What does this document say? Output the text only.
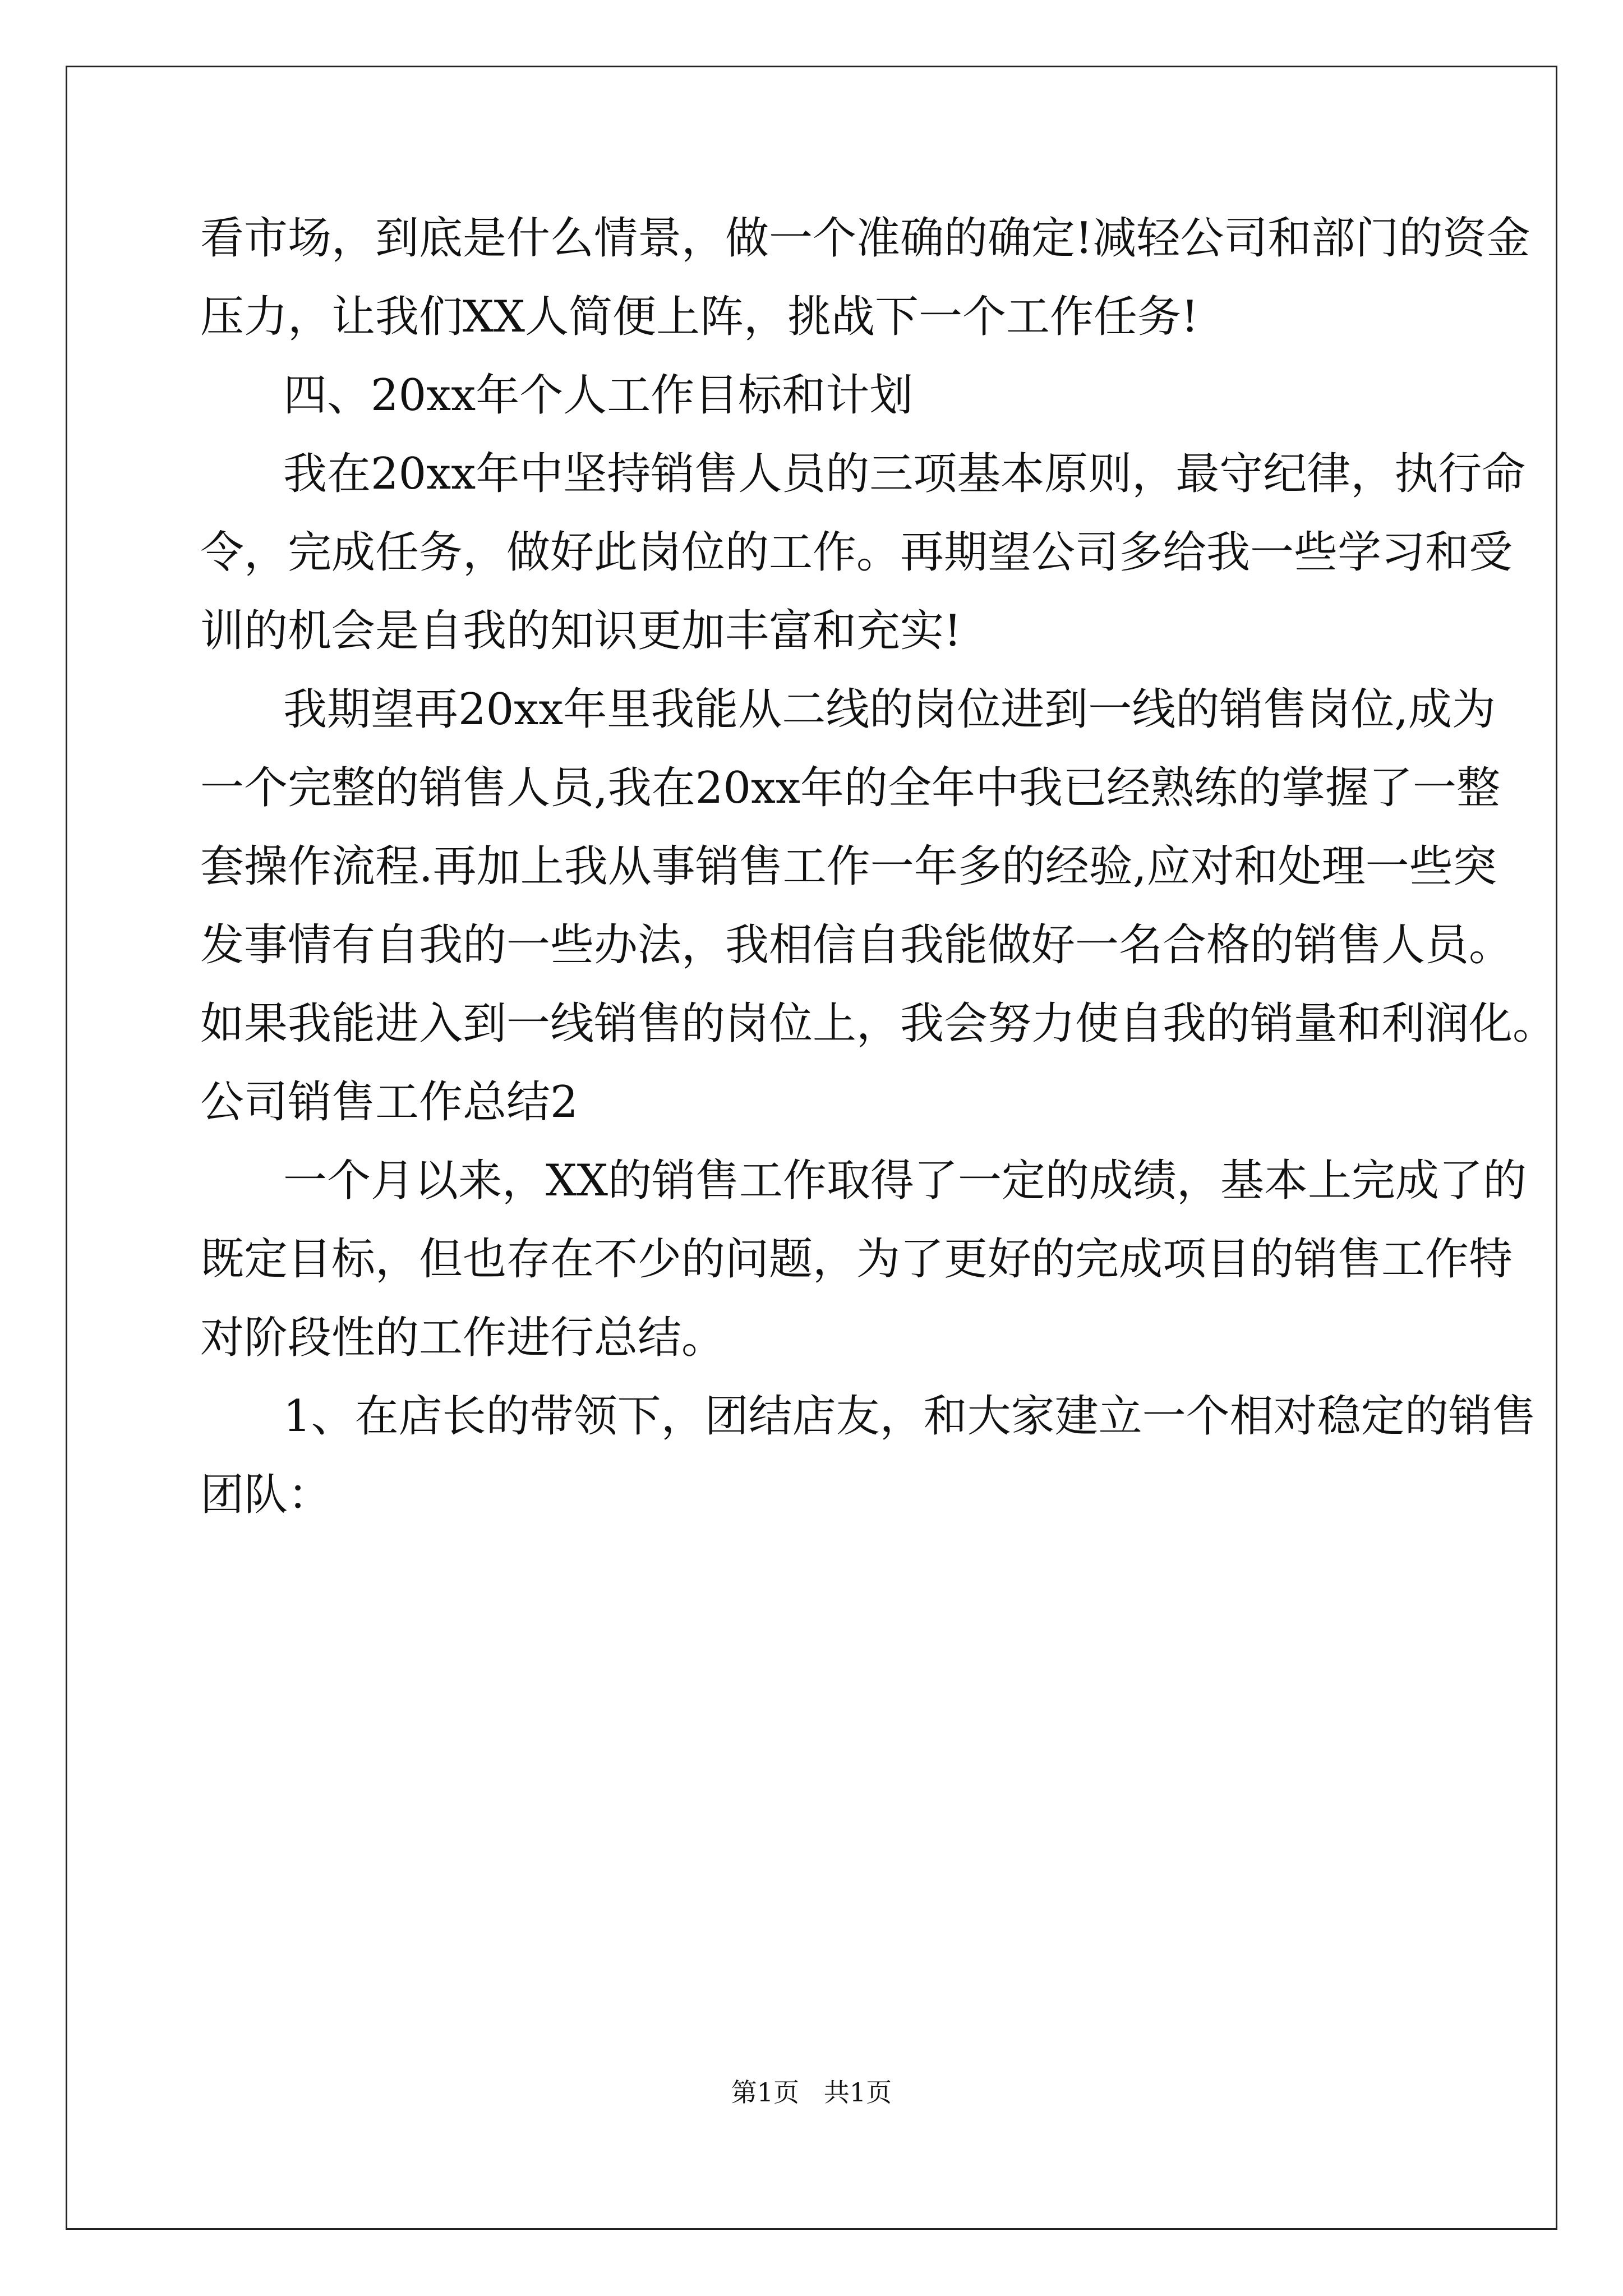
看市场，到底是什么情景，做一个准确的确定!减轻公司和部门的资金
压力，让我们XX人简便上阵，挑战下一个工作任务!
四、20xx年个人工作目标和计划
我在20xx年中坚持销售人员的三项基本原则，最守纪律，执行命
令，完成任务，做好此岗位的工作。再期望公司多给我一些学习和受
训的机会是自我的知识更加丰富和充实!
我期望再20xx年里我能从二线的岗位进到一线的销售岗位,成为
一个完整的销售人员,我在20xx年的全年中我已经熟练的掌握了一整
套操作流程.再加上我从事销售工作一年多的经验,应对和处理一些突
发事情有自我的一些办法，我相信自我能做好一名合格的销售人员。
如果我能进入到一线销售的岗位上，我会努力使自我的销量和利润化。
公司销售工作总结2
一个月以来，XX的销售工作取得了一定的成绩，基本上完成了的
既定目标，但也存在不少的问题，为了更好的完成项目的销售工作特
对阶段性的工作进行总结。
1、在店长的带领下，团结店友，和大家建立一个相对稳定的销售
团队：
第1页   共1页
